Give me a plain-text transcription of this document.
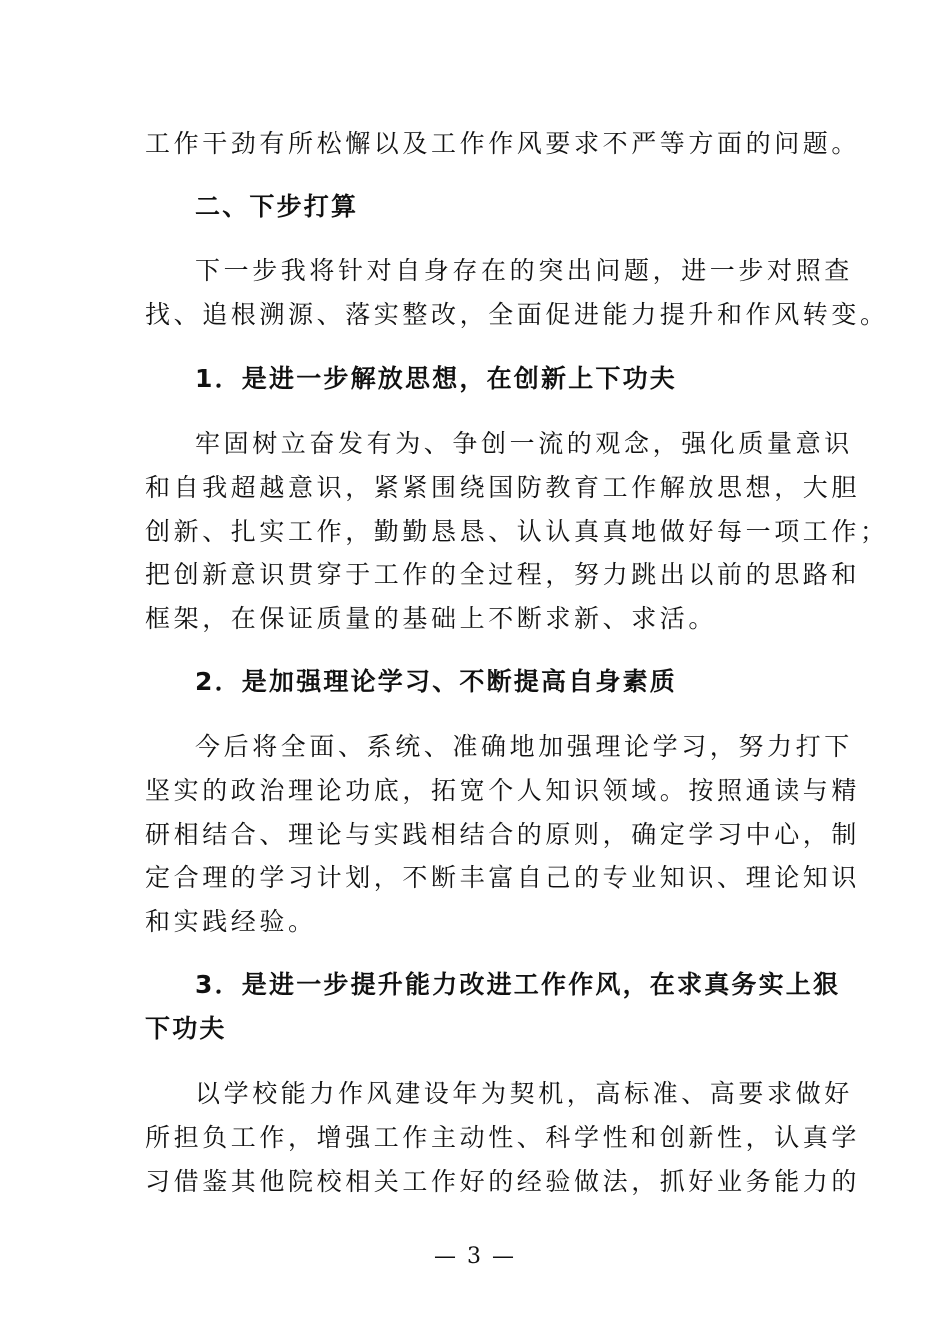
工作干劲有所松懈以及工作作风要求不严等方面的问题。
二、下步打算
下一步我将针对自身存在的突出问题，进一步对照查
找、追根溯源、落实整改，全面促进能力提升和作风转变。
1．是进一步解放思想，在创新上下功夫
牢固树立奋发有为、争创一流的观念，强化质量意识
和自我超越意识，紧紧围绕国防教育工作解放思想，大胆
创新、扎实工作，勤勤恳恳、认认真真地做好每一项工作；
把创新意识贯穿于工作的全过程，努力跳出以前的思路和
框架，在保证质量的基础上不断求新、求活。
2．是加强理论学习、不断提高自身素质
今后将全面、系统、准确地加强理论学习，努力打下
坚实的政治理论功底，拓宽个人知识领域。按照通读与精
研相结合、理论与实践相结合的原则，确定学习中心，制
定合理的学习计划，不断丰富自己的专业知识、理论知识
和实践经验。
3．是进一步提升能力改进工作作风，在求真务实上狠
下功夫
以学校能力作风建设年为契机，高标准、高要求做好
所担负工作，增强工作主动性、科学性和创新性，认真学
习借鉴其他院校相关工作好的经验做法，抓好业务能力的
— 3 —
